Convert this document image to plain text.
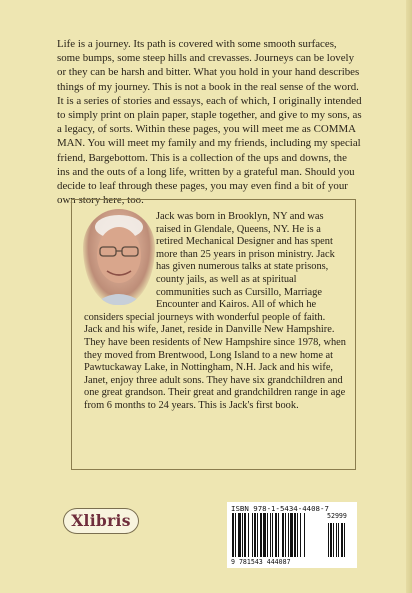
Life is a journey. Its path is covered with some smooth surfaces, some bumps, some steep hills and crevasses. Journeys can be lovely or they can be harsh and bitter. What you hold in your hand describes things of my journey. This is not a book in the real sense of the word. It is a series of stories and essays, each of which, I originally intended to simply print on plain paper, staple together, and give to my sons, as a legacy, of sorts. Within these pages, you will meet me as COMMA MAN. You will meet my family and my friends, including my special friend, Bargebottom. This is a collection of the ups and downs, the ins and the outs of a long life, written by a grateful man. Should you decide to leaf through these pages, you may even find a bit of your own story here, too.

Jack was born in Brooklyn, NY and was raised in Glendale, Queens, NY. He is a retired Mechanical Designer and has spent more than 25 years in prison ministry. Jack has given numerous talks at state prisons, county jails, as well as at spiritual communities such as Cursillo, Marriage Encounter and Kairos. All of which he considers special journeys with wonderful people of faith.

Jack and his wife, Janet, reside in Danville New Hampshire. They have been residents of New Hampshire since 1978, when they moved from Brentwood, Long Island to a new home at Pawtuckaway Lake, in Nottingham, N.H. Jack and his wife, Janet, enjoy three adult sons. They have six grandchildren and one great grandson. Their great and grandchildren range in age from 6 months to 24 years. This is Jack's first book.

Xlibris
ISBN 978-1-5434-4408-7
52999
9 781543 444087
